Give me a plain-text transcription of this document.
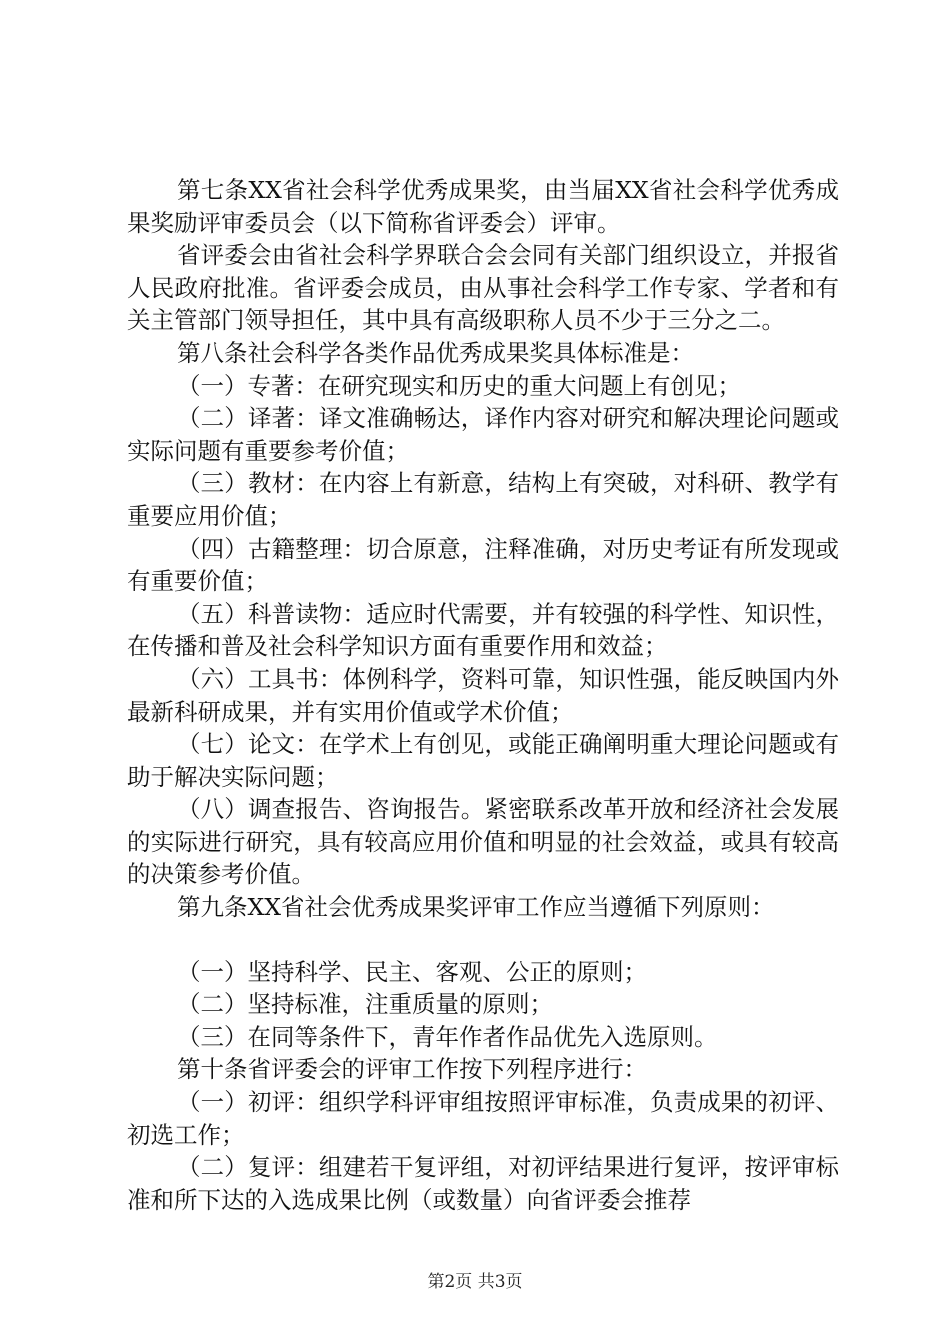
第七条XX省社会科学优秀成果奖，由当届XX省社会科学优秀成果奖励评审委员会（以下简称省评委会）评审。

省评委会由省社会科学界联合会会同有关部门组织设立，并报省人民政府批准。省评委会成员，由从事社会科学工作专家、学者和有关主管部门领导担任，其中具有高级职称人员不少于三分之二。

第八条社会科学各类作品优秀成果奖具体标准是：

（一）专著：在研究现实和历史的重大问题上有创见；

（二）译著：译文准确畅达，译作内容对研究和解决理论问题或实际问题有重要参考价值；

（三）教材：在内容上有新意，结构上有突破，对科研、教学有重要应用价值；

（四）古籍整理：切合原意，注释准确，对历史考证有所发现或有重要价值；

（五）科普读物：适应时代需要，并有较强的科学性、知识性，在传播和普及社会科学知识方面有重要作用和效益；

（六）工具书：体例科学，资料可靠，知识性强，能反映国内外最新科研成果，并有实用价值或学术价值；

（七）论文：在学术上有创见，或能正确阐明重大理论问题或有助于解决实际问题；

（八）调查报告、咨询报告。紧密联系改革开放和经济社会发展的实际进行研究，具有较高应用价值和明显的社会效益，或具有较高的决策参考价值。

第九条XX省社会优秀成果奖评审工作应当遵循下列原则：

（一）坚持科学、民主、客观、公正的原则；

（二）坚持标准，注重质量的原则；

（三）在同等条件下，青年作者作品优先入选原则。

第十条省评委会的评审工作按下列程序进行：

（一）初评：组织学科评审组按照评审标准，负责成果的初评、初选工作；

（二）复评：组建若干复评组，对初评结果进行复评，按评审标准和所下达的入选成果比例（或数量）向省评委会推荐

第2页 共3页
